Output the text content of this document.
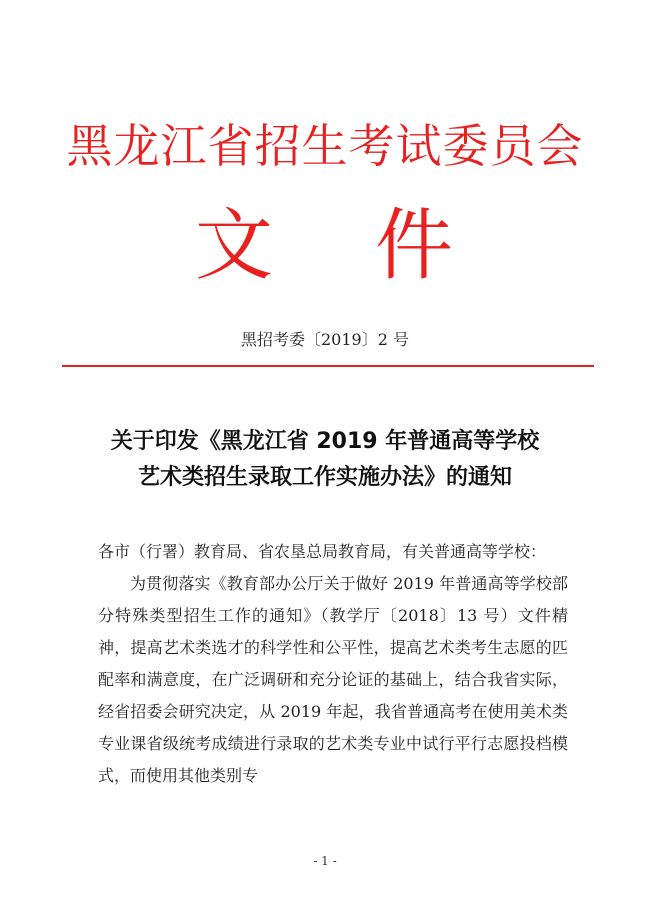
黑龙江省招生考试委员会
文 件
黑招考委〔2019〕2 号
关于印发《黑龙江省 2019 年普通高等学校
艺术类招生录取工作实施办法》的通知

各市（行署）教育局、省农垦总局教育局，有关普通高等学校：

为贯彻落实《教育部办公厅关于做好 2019 年普通高等学校部分特殊类型招生工作的通知》（教学厅〔2018〕13 号）文件精神，提高艺术类选才的科学性和公平性，提高艺术类考生志愿的匹配率和满意度，在广泛调研和充分论证的基础上，结合我省实际，经省招委会研究决定，从 2019 年起，我省普通高考在使用美术类专业课省级统考成绩进行录取的艺术类专业中试行平行志愿投档模式，而使用其他类别专

- 1 -
